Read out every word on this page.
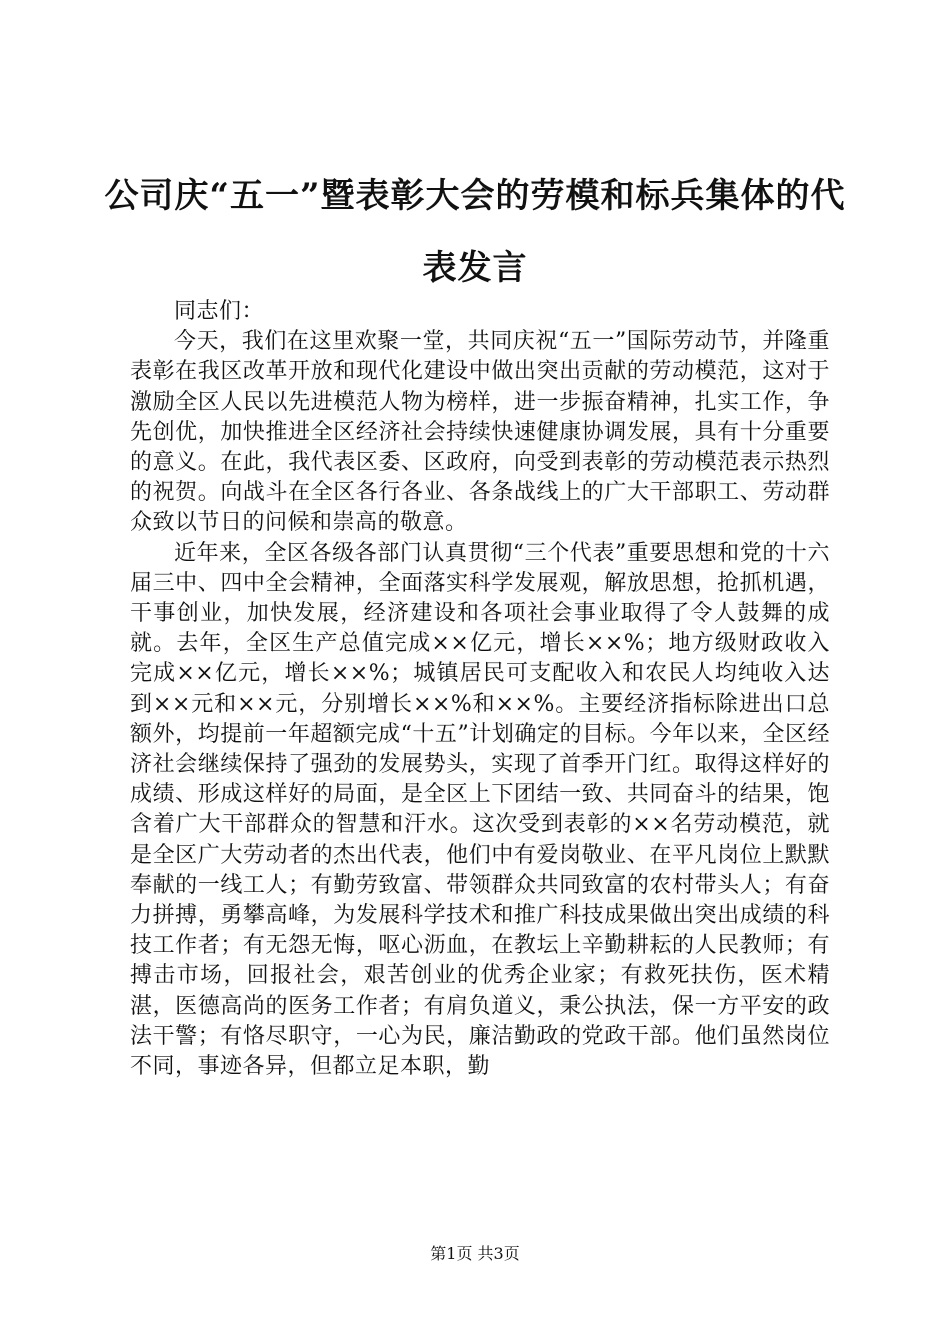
公司庆“五一”暨表彰大会的劳模和标兵集体的代表发言

同志们：

今天，我们在这里欢聚一堂，共同庆祝“五一”国际劳动节，并隆重表彰在我区改革开放和现代化建设中做出突出贡献的劳动模范，这对于激励全区人民以先进模范人物为榜样，进一步振奋精神，扎实工作，争先创优，加快推进全区经济社会持续快速健康协调发展，具有十分重要的意义。在此，我代表区委、区政府，向受到表彰的劳动模范表示热烈的祝贺。向战斗在全区各行各业、各条战线上的广大干部职工、劳动群众致以节日的问候和崇高的敬意。

近年来，全区各级各部门认真贯彻“三个代表”重要思想和党的十六届三中、四中全会精神，全面落实科学发展观，解放思想，抢抓机遇，干事创业，加快发展，经济建设和各项社会事业取得了令人鼓舞的成就。去年，全区生产总值完成××亿元，增长××%；地方级财政收入完成××亿元，增长××%；城镇居民可支配收入和农民人均纯收入达到××元和××元，分别增长××%和××%。主要经济指标除进出口总额外，均提前一年超额完成“十五”计划确定的目标。今年以来，全区经济社会继续保持了强劲的发展势头，实现了首季开门红。取得这样好的成绩、形成这样好的局面，是全区上下团结一致、共同奋斗的结果，饱含着广大干部群众的智慧和汗水。这次受到表彰的××名劳动模范，就是全区广大劳动者的杰出代表，他们中有爱岗敬业、在平凡岗位上默默奉献的一线工人；有勤劳致富、带领群众共同致富的农村带头人；有奋力拼搏，勇攀高峰，为发展科学技术和推广科技成果做出突出成绩的科技工作者；有无怨无悔，呕心沥血，在教坛上辛勤耕耘的人民教师；有搏击市场，回报社会，艰苦创业的优秀企业家；有救死扶伤，医术精湛，医德高尚的医务工作者；有肩负道义，秉公执法，保一方平安的政法干警；有恪尽职守，一心为民，廉洁勤政的党政干部。他们虽然岗位不同，事迹各异，但都立足本职，勤

第1页 共3页
